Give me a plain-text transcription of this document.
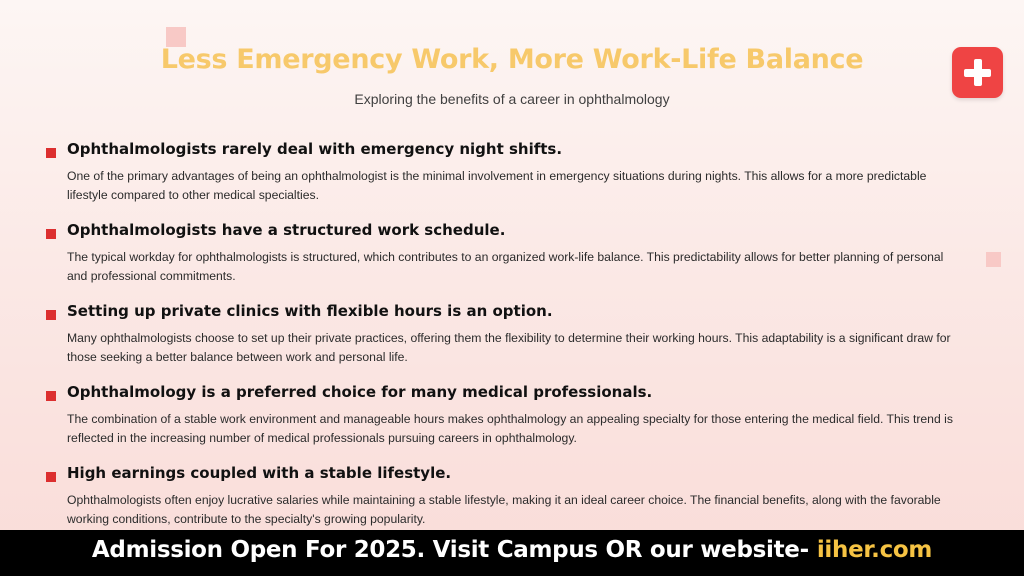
Less Emergency Work, More Work-Life Balance
Exploring the benefits of a career in ophthalmology
Ophthalmologists rarely deal with emergency night shifts.
One of the primary advantages of being an ophthalmologist is the minimal involvement in emergency situations during nights. This allows for a more predictable lifestyle compared to other medical specialties.
Ophthalmologists have a structured work schedule.
The typical workday for ophthalmologists is structured, which contributes to an organized work-life balance. This predictability allows for better planning of personal and professional commitments.
Setting up private clinics with flexible hours is an option.
Many ophthalmologists choose to set up their private practices, offering them the flexibility to determine their working hours. This adaptability is a significant draw for those seeking a better balance between work and personal life.
Ophthalmology is a preferred choice for many medical professionals.
The combination of a stable work environment and manageable hours makes ophthalmology an appealing specialty for those entering the medical field. This trend is reflected in the increasing number of medical professionals pursuing careers in ophthalmology.
High earnings coupled with a stable lifestyle.
Ophthalmologists often enjoy lucrative salaries while maintaining a stable lifestyle, making it an ideal career choice. The financial benefits, along with the favorable working conditions, contribute to the specialty's growing popularity.
Admission Open For 2025. Visit Campus OR our website- iiher.com
